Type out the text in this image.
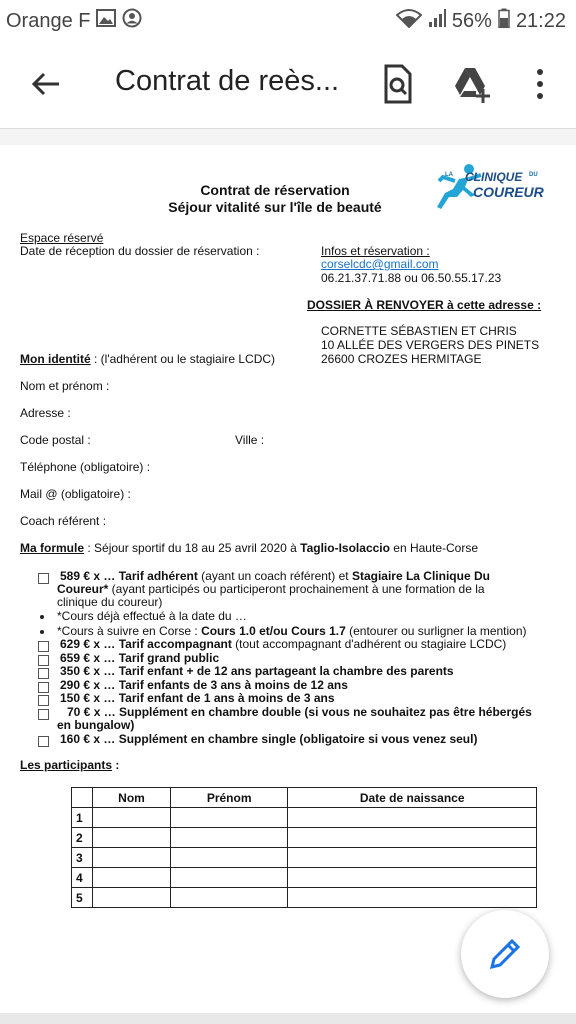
Orange F	56% 21:22
Contrat de reès...
Contrat de réservation
Séjour vitalité sur l'île de beauté
LA CLINIQUE DU
COUREUR
Espace réservé
Date de réception du dossier de réservation :	Infos et réservation :
corselcdc@gmail.com
06.21.37.71.88 ou 06.50.55.17.23
DOSSIER À RENVOYER à cette adresse :
CORNETTE SÉBASTIEN ET CHRIS
10 ALLÉE DES VERGERS DES PINETS
26600 CROZES HERMITAGE
Mon identité : (l'adhérent ou le stagiaire LCDC)
Nom et prénom :
Adresse :
Code postal :	Ville :
Téléphone (obligatoire) :
Mail @ (obligatoire) :
Coach référent :
Ma formule : Séjour sportif du 18 au 25 avril 2020 à Taglio-Isolaccio en Haute-Corse
589 € x … Tarif adhérent (ayant un coach référent) et Stagiaire La Clinique Du
Coureur* (ayant participés ou participeront prochainement à une formation de la
clinique du coureur)
*Cours déjà effectué à la date du …
*Cours à suivre en Corse : Cours 1.0 et/ou Cours 1.7 (entourer ou surligner la mention)
629 € x … Tarif accompagnant (tout accompagnant d'adhérent ou stagiaire LCDC)
659 € x … Tarif grand public
350 € x … Tarif enfant + de 12 ans partageant la chambre des parents
290 € x … Tarif enfants de 3 ans à moins de 12 ans
150 € x … Tarif enfant de 1 ans à moins de 3 ans
70 € x … Supplément en chambre double (si vous ne souhaitez pas être hébergés
en bungalow)
160 € x … Supplément en chambre single (obligatoire si vous venez seul)
Les participants :
	Nom	Prénom	Date de naissance
1			
2			
3			
4			
5			
